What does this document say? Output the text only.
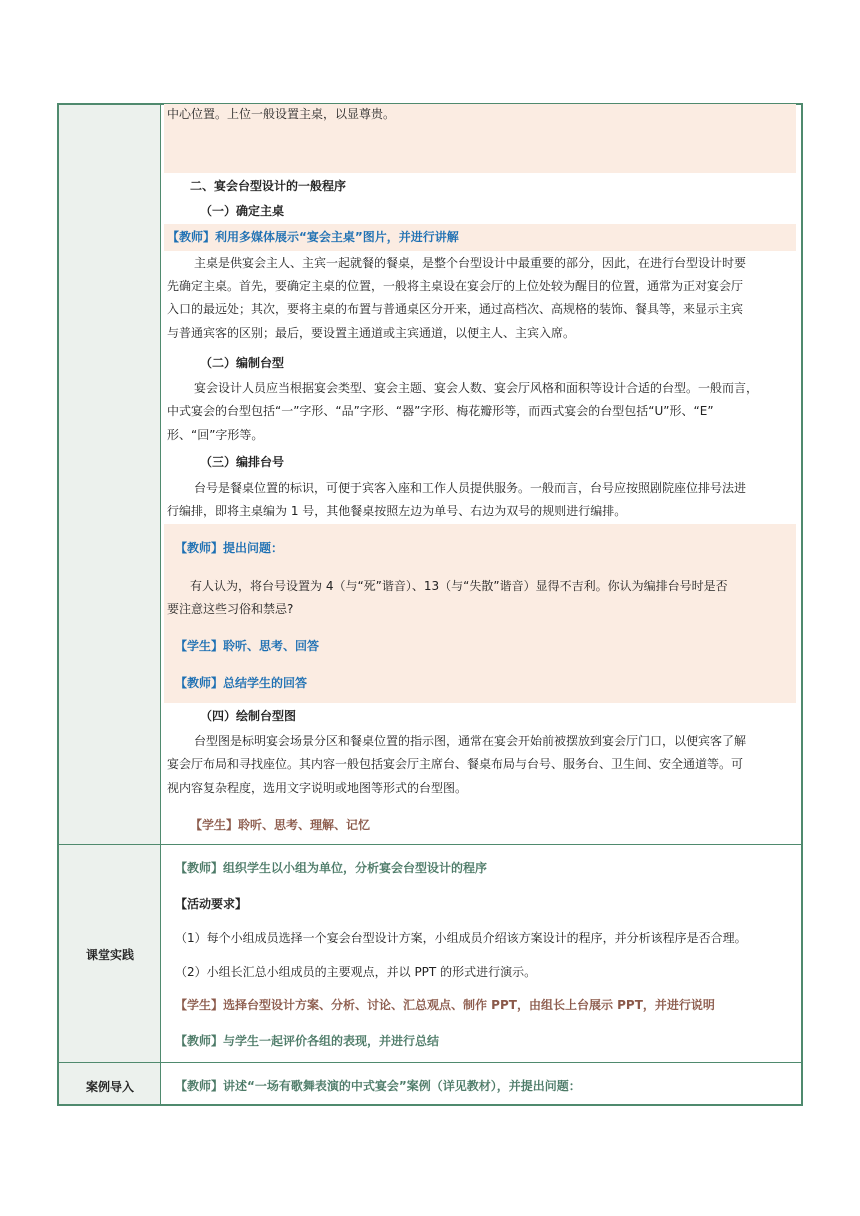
课堂实践
案例导入
中心位置。上位一般设置主桌，以显尊贵。
二、宴会台型设计的一般程序
（一）确定主桌
【教师】利用多媒体展示“宴会主桌”图片，并进行讲解
主桌是供宴会主人、主宾一起就餐的餐桌，是整个台型设计中最重要的部分，因此，在进行台型设计时要
先确定主桌。首先，要确定主桌的位置，一般将主桌设在宴会厅的上位处较为醒目的位置，通常为正对宴会厅
入口的最远处；其次，要将主桌的布置与普通桌区分开来，通过高档次、高规格的装饰、餐具等，来显示主宾
与普通宾客的区别；最后，要设置主通道或主宾通道，以便主人、主宾入席。
（二）编制台型
宴会设计人员应当根据宴会类型、宴会主题、宴会人数、宴会厅风格和面积等设计合适的台型。一般而言，
中式宴会的台型包括“一”字形、“品”字形、“器”字形、梅花瓣形等，而西式宴会的台型包括“U”形、“E”
形、“回”字形等。
（三）编排台号
台号是餐桌位置的标识，可便于宾客入座和工作人员提供服务。一般而言，台号应按照剧院座位排号法进
行编排，即将主桌编为 1 号，其他餐桌按照左边为单号、右边为双号的规则进行编排。
【教师】提出问题：
有人认为，将台号设置为 4（与“死”谐音）、13（与“失散”谐音）显得不吉利。你认为编排台号时是否
要注意这些习俗和禁忌?
【学生】聆听、思考、回答
【教师】总结学生的回答
（四）绘制台型图
台型图是标明宴会场景分区和餐桌位置的指示图，通常在宴会开始前被摆放到宴会厅门口，以便宾客了解
宴会厅布局和寻找座位。其内容一般包括宴会厅主席台、餐桌布局与台号、服务台、卫生间、安全通道等。可
视内容复杂程度，选用文字说明或地图等形式的台型图。
【学生】聆听、思考、理解、记忆
【教师】组织学生以小组为单位，分析宴会台型设计的程序
【活动要求】
（1）每个小组成员选择一个宴会台型设计方案，小组成员介绍该方案设计的程序，并分析该程序是否合理。
（2）小组长汇总小组成员的主要观点，并以 PPT 的形式进行演示。
【学生】选择台型设计方案、分析、讨论、汇总观点、制作 PPT，由组长上台展示 PPT，并进行说明
【教师】与学生一起评价各组的表现，并进行总结
【教师】讲述“一场有歌舞表演的中式宴会”案例（详见教材），并提出问题：
